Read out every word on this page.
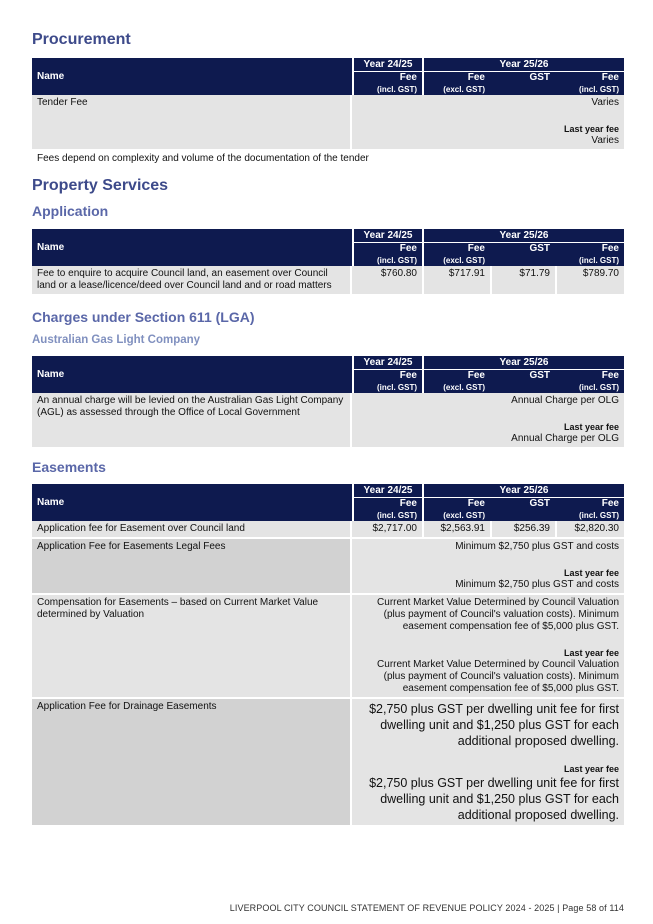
Procurement
Name	Year 24/25	Year 25/26		
	Fee	Fee	GST	Fee
	(incl. GST)	(excl. GST)		(incl. GST)
Tender Fee	Varies
Last year fee
Varies			

Fees depend on complexity and volume of the documentation of the tender				
Property Services
Application
Name	Year 24/25	Year 25/26		
	Fee	Fee	GST	Fee
	(incl. GST)	(excl. GST)		(incl. GST)
Fee to enquire to acquire Council land, an easement over Council land or a lease/licence/deed over Council land and or road matters	$760.80	$717.91	$71.79	$789.70
Charges under Section 611 (LGA)
Australian Gas Light Company
Name	Year 24/25	Year 25/26		
	Fee	Fee	GST	Fee
	(incl. GST)	(excl. GST)		(incl. GST)
An annual charge will be levied on the Australian Gas Light Company (AGL) as assessed through the Office of Local Government	Annual Charge per OLG
Last year fee
Annual Charge per OLG			
Easements
Name	Year 24/25	Year 25/26		
	Fee	Fee	GST	Fee
	(incl. GST)	(excl. GST)		(incl. GST)
Application fee for Easement over Council land	$2,717.00	$2,563.91	$256.39	$2,820.30
Application Fee for Easements Legal Fees	Minimum $2,750 plus GST and costs
Last year fee
Minimum $2,750 plus GST and costs			

Compensation for Easements – based on Current Market Value determined by Valuation	Current Market Value Determined by Council Valuation (plus payment of Council's valuation costs). Minimum easement compensation fee of $5,000 plus GST.
Last year fee
Current Market Value Determined by Council Valuation (plus payment of Council's valuation costs). Minimum easement compensation fee of $5,000 plus GST.			

Application Fee for Drainage Easements	$2,750 plus GST per dwelling unit fee for first dwelling unit and $1,250 plus GST for each additional proposed dwelling.
Last year fee
$2,750 plus GST per dwelling unit fee for first dwelling unit and $1,250 plus GST for each additional proposed dwelling.			
LIVERPOOL CITY COUNCIL STATEMENT OF REVENUE POLICY 2024 - 2025 | Page 58 of 114
